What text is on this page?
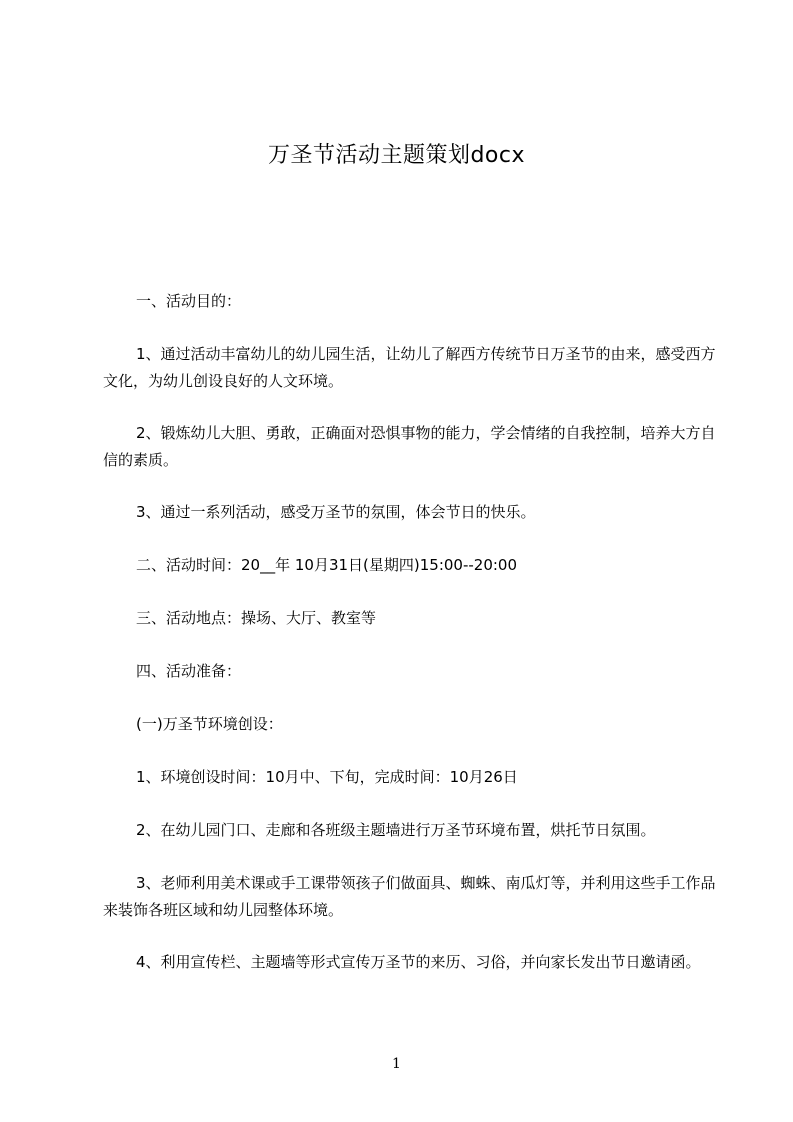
万圣节活动主题策划docx

一、活动目的：

1、通过活动丰富幼儿的幼儿园生活，让幼儿了解西方传统节日万圣节的由来，感受西方文化，为幼儿创设良好的人文环境。

2、锻炼幼儿大胆、勇敢，正确面对恐惧事物的能力，学会情绪的自我控制，培养大方自信的素质。

3、通过一系列活动，感受万圣节的氛围，体会节日的快乐。

二、活动时间：20__年 10月31日(星期四)15:00--20:00

三、活动地点：操场、大厅、教室等

四、活动准备：

(一)万圣节环境创设：

1、环境创设时间：10月中、下旬，完成时间：10月26日

2、在幼儿园门口、走廊和各班级主题墙进行万圣节环境布置，烘托节日氛围。

3、老师利用美术课或手工课带领孩子们做面具、蜘蛛、南瓜灯等，并利用这些手工作品来装饰各班区域和幼儿园整体环境。

4、利用宣传栏、主题墙等形式宣传万圣节的来历、习俗，并向家长发出节日邀请函。

1
